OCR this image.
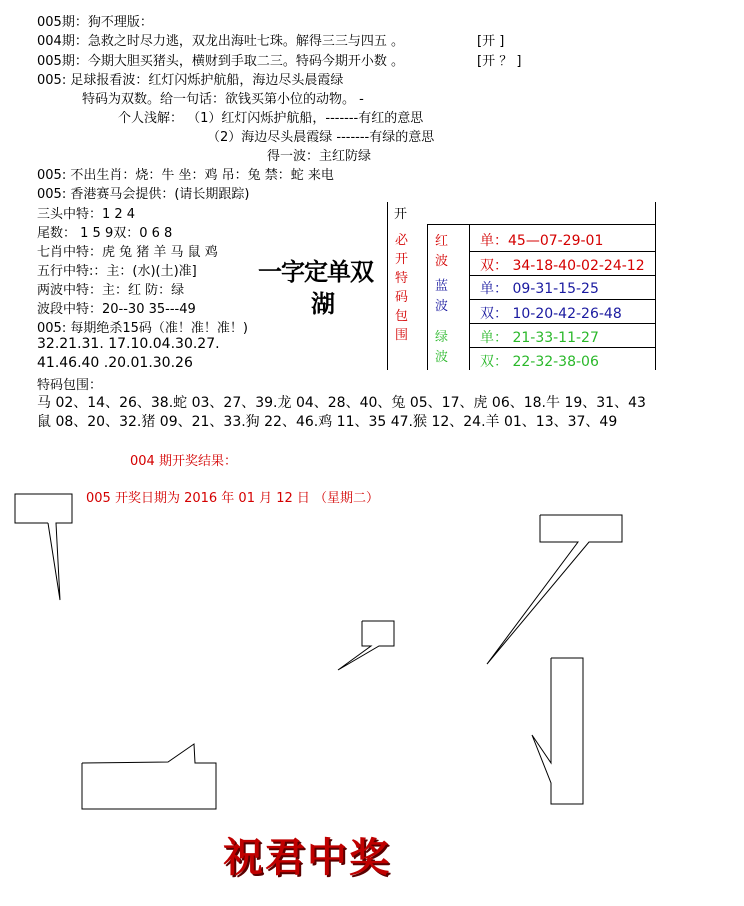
005期：狗不理版：
004期：急救之时尽力逃，双龙出海吐七珠。解得三三与四五 。	[开 ]
005期：今期大胆买猪头，横财到手取二三。特码今期开小数 。	[开 ？ ]
005: 足球报看波：红灯闪烁护航船，海边尽头晨霞绿
特码为双数。给一句话：欲钱买第小位的动物。 -
个人浅解： （1）红灯闪烁护航船，-------有红的意思
（2）海边尽头晨霞绿 -------有绿的意思
得一波：主红防绿
005: 不出生肖：烧：牛 坐：鸡 吊：兔 禁：蛇 来电
005: 香港赛马会提供：(请长期跟踪)
三头中特：1 2 4
尾数： 1 5 9双：0 6 8
七肖中特：虎 兔 猪 羊 马 鼠 鸡
五行中特:：主：(水)(土)准]
两波中特：主：红 防：绿
波段中特：20--30 35---49
005: 每期绝杀15码（准！准！准！)
32.21.31. 17.10.04.30.27.
41.46.40 .20.01.30.26
一字定单双
湖
开
必
开
特
码
包
围
红
波
蓝
波
绿
波
单：45—07-29-01
双： 34-18-40-02-24-12
单： 09-31-15-25
双： 10-20-42-26-48
单： 21-33-11-27
双： 22-32-38-06
特码包围：
马 02、14、26、38.蛇 03、27、39.龙 04、28、40、兔 05、17、虎 06、18.牛 19、31、43
鼠 08、20、32.猪 09、21、33.狗 22、46.鸡 11、35 47.猴 12、24.羊 01、13、37、49
004 期开奖结果：
005 开奖日期为 2016 年 01 月 12 日 （星期二）
祝君中奖
